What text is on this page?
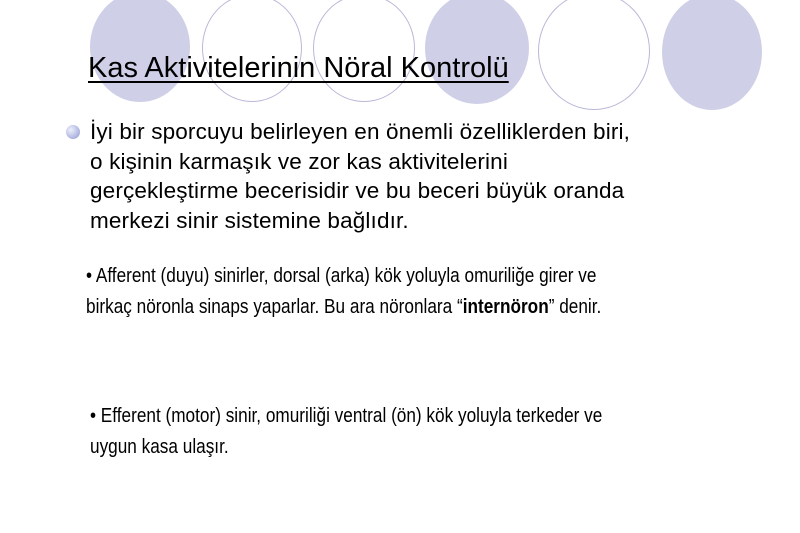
Kas Aktivitelerinin Nöral Kontrolü
İyi bir sporcuyu belirleyen en önemli özelliklerden biri,
o kişinin karmaşık ve zor kas aktivitelerini
gerçekleştirme becerisidir ve bu beceri büyük oranda
merkezi sinir sistemine bağlıdır.
• Afferent (duyu) sinirler, dorsal (arka) kök yoluyla omuriliğe girer ve
birkaç nöronla sinaps yaparlar. Bu ara nöronlara “internöron” denir.
• Efferent (motor) sinir, omuriliği ventral (ön) kök yoluyla terkeder ve
uygun kasa ulaşır.
